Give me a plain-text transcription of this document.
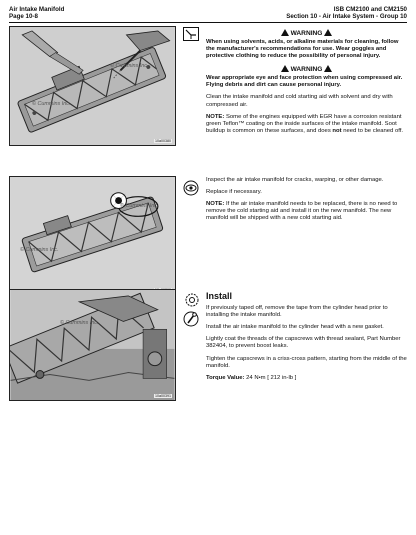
Air Intake Manifold
Page 10-8
ISB CM2100 and CM2150
Section 10 - Air Intake System - Group 10
© Cummins Inc.
© Cummins Inc.
10a00380
© Cummins Inc.
© Cummins Inc.
© Cummins Inc.
10a00391
WARNING

When using solvents, acids, or alkaline materials for cleaning, follow the manufacturer's recommendations for use. Wear goggles and protective clothing to reduce the possibility of personal injury.

WARNING

Wear appropriate eye and face protection when using compressed air. Flying debris and dirt can cause personal injury.

Clean the intake manifold and cold starting aid with solvent and dry with compressed air.

NOTE: Some of the engines equipped with EGR have a corrosion resistant green Teflon™ coating on the inside surfaces of the intake manifold. Soot buildup is common on these surfaces, and does not need to be cleaned off.

Inspect the air intake manifold for cracks, warping, or other damage.

Replace if necessary.

NOTE: If the air intake manifold needs to be replaced, there is no need to remove the cold starting aid and install it on the new manifold. The new manifold will be shipped with a new cold starting aid.

Install

If previously taped off, remove the tape from the cylinder head prior to installing the intake manifold.

Install the air intake manifold to the cylinder head with a new gasket.

Lightly coat the threads of the capscrews with thread sealant, Part Number 382404, to prevent boost leaks.

Tighten the capscrews in a criss-cross pattern, starting from the middle of the manifold.

Torque Value: 24 N•m [ 212 in-lb ]
